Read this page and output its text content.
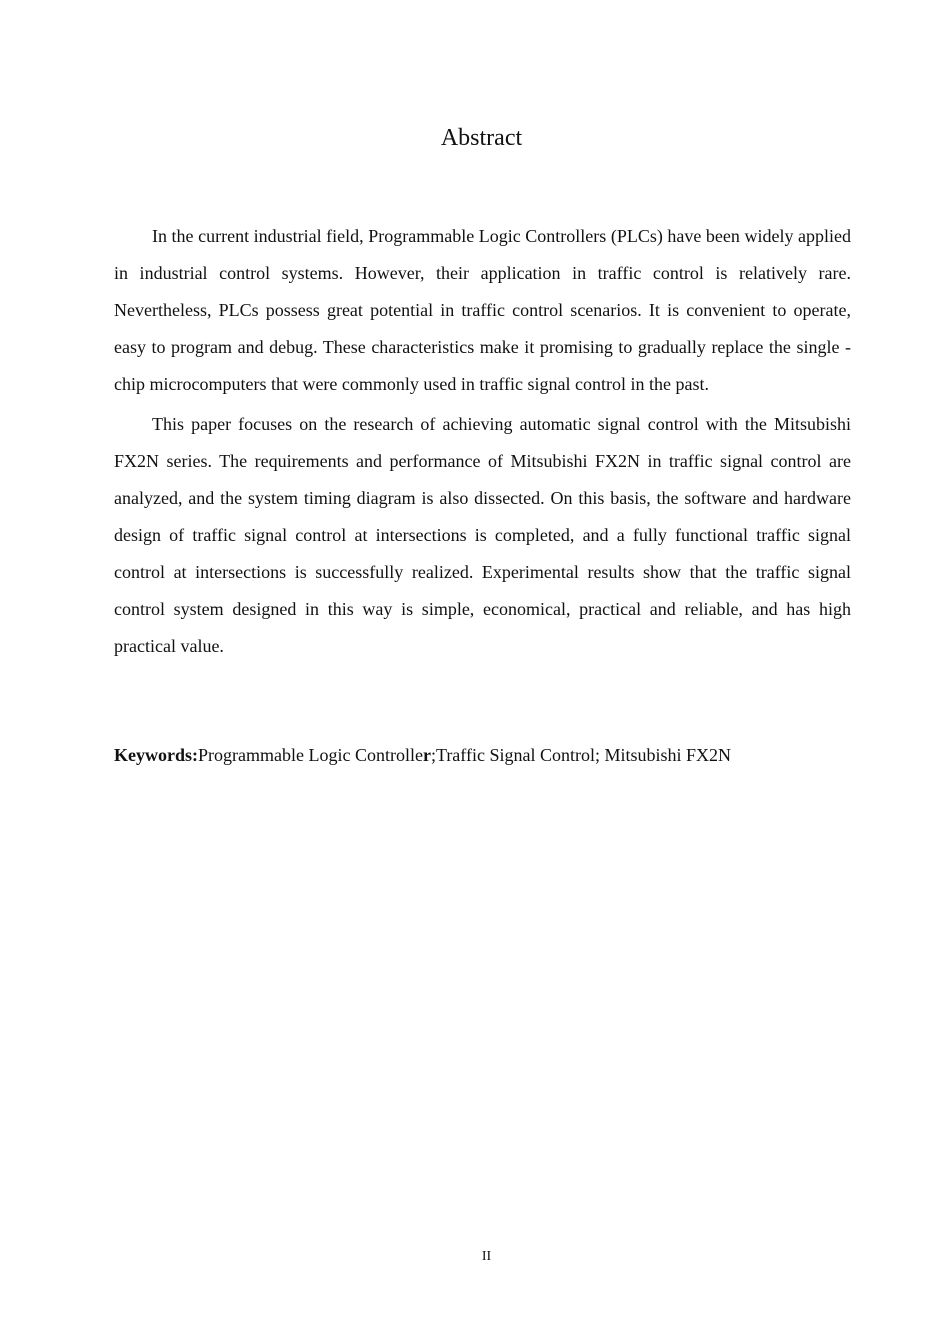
Abstract

In the current industrial field, Programmable Logic Controllers (PLCs) have been widely applied in industrial control systems. However, their application in traffic control is relatively rare. Nevertheless, PLCs possess great potential in traffic control scenarios. It is convenient to operate, easy to program and debug. These characteristics make it promising to gradually replace the single - chip microcomputers that were commonly used in traffic signal control in the past.

This paper focuses on the research of achieving automatic signal control with the Mitsubishi FX2N series. The requirements and performance of Mitsubishi FX2N in traffic signal control are analyzed, and the system timing diagram is also dissected. On this basis, the software and hardware design of traffic signal control at intersections is completed, and a fully functional traffic signal control at intersections is successfully realized. Experimental results show that the traffic signal control system designed in this way is simple, economical, practical and reliable, and has high practical value.

Keywords:Programmable Logic Controller;Traffic Signal Control; Mitsubishi FX2N
II
